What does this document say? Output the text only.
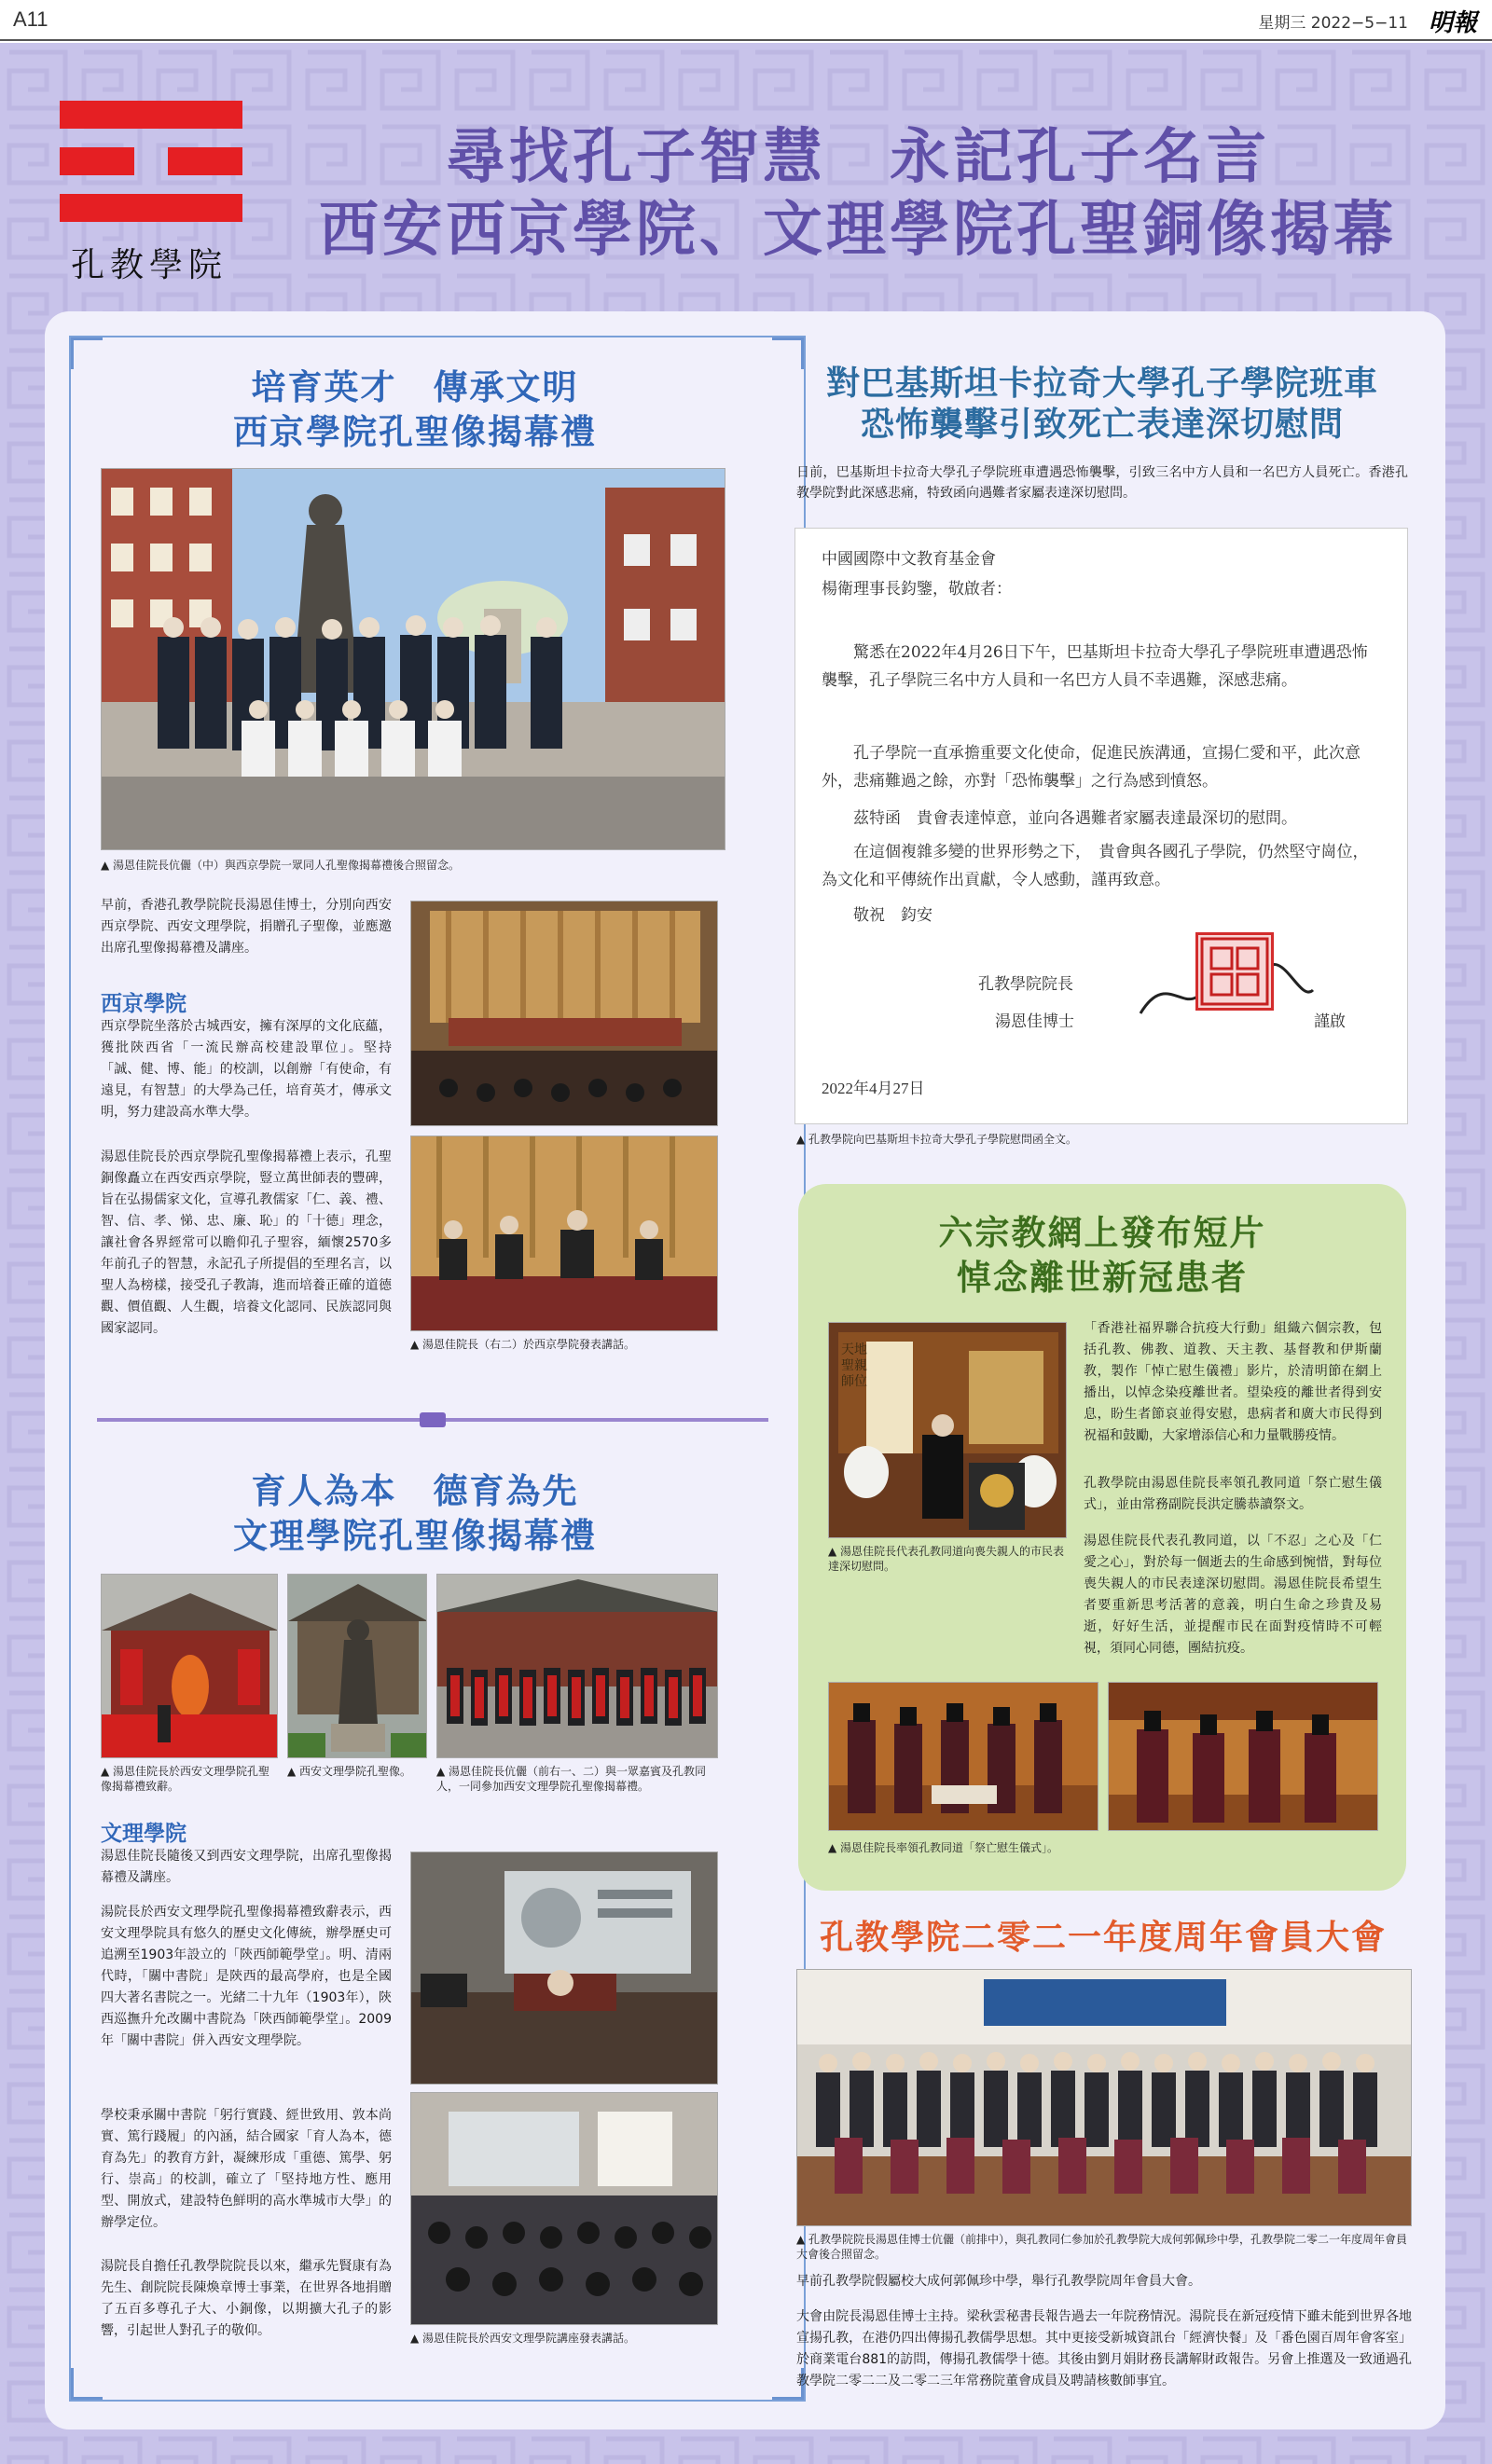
A11	星期三 2022−5−11 明報
孔教學院
尋找孔子智慧　永記孔子名言
西安西京學院、文理學院孔聖銅像揭幕
培育英才　傳承文明
西京學院孔聖像揭幕禮
▲ 湯恩佳院長伉儷（中）與西京學院一眾同人孔聖像揭幕禮後合照留念。
早前，香港孔教學院院長湯恩佳博士，分別向西安西京學院、西安文理學院，捐贈孔子聖像，並應邀出席孔聖像揭幕禮及講座。
西京學院
西京學院坐落於古城西安，擁有深厚的文化底蘊，獲批陝西省「一流民辦高校建設單位」。堅持「誠、健、博、能」的校訓，以創辦「有使命，有遠見，有智慧」的大學為己任，培育英才，傳承文明，努力建設高水準大學。
湯恩佳院長於西京學院孔聖像揭幕禮上表示，孔聖銅像矗立在西安西京學院，豎立萬世師表的豐碑，旨在弘揚儒家文化，宣導孔教儒家「仁、義、禮、智、信、孝、悌、忠、廉、恥」的「十德」理念，讓社會各界經常可以瞻仰孔子聖容，緬懷2570多年前孔子的智慧，永記孔子所提倡的至理名言，以聖人為榜樣，接受孔子教誨，進而培養正確的道德觀、價值觀、人生觀，培養文化認同、民族認同與國家認同。
▲ 湯恩佳院長（右二）於西京學院發表講話。
育人為本　德育為先
文理學院孔聖像揭幕禮
▲ 湯恩佳院長於西安文理學院孔聖像揭幕禮致辭。
▲ 西安文理學院孔聖像。	▲ 湯恩佳院長伉儷（前右一、二）與一眾嘉賓及孔教同人，一同參加西安文理學院孔聖像揭幕禮。
文理學院
湯恩佳院長隨後又到西安文理學院，出席孔聖像揭幕禮及講座。
湯院長於西安文理學院孔聖像揭幕禮致辭表示，西安文理學院具有悠久的歷史文化傳統，辦學歷史可追溯至1903年設立的「陝西師範學堂」。明、清兩代時，「關中書院」是陝西的最高學府，也是全國四大著名書院之一。光緒二十九年（1903年），陝西巡撫升允改關中書院為「陝西師範學堂」。2009年「關中書院」併入西安文理學院。
學校秉承關中書院「躬行實踐、經世致用、敦本尚實、篤行踐履」的內涵，結合國家「育人為本，德育為先」的教育方針，凝練形成「重德、篤學、躬行、崇高」的校訓，確立了「堅持地方性、應用型、開放式，建設特色鮮明的高水準城市大學」的辦學定位。
湯院長自擔任孔教學院院長以來，繼承先賢康有為先生、創院院長陳煥章博士事業，在世界各地捐贈了五百多尊孔子大、小銅像，以期擴大孔子的影響，引起世人對孔子的敬仰。	▲ 湯恩佳院長於西安文理學院講座發表講話。
對巴基斯坦卡拉奇大學孔子學院班車
恐怖襲擊引致死亡表達深切慰問
日前，巴基斯坦卡拉奇大學孔子學院班車遭遇恐怖襲擊，引致三名中方人員和一名巴方人員死亡。香港孔教學院對此深感悲痛，特致函向遇難者家屬表達深切慰問。
中國國際中文教育基金會
楊衛理事長鈞鑒，敬啟者：
驚悉在2022年4月26日下午，巴基斯坦卡拉奇大學孔子學院班車遭遇恐怖襲擊，孔子學院三名中方人員和一名巴方人員不幸遇難，深感悲痛。
孔子學院一直承擔重要文化使命，促進民族溝通，宣揚仁愛和平，此次意外，悲痛難過之餘，亦對「恐怖襲擊」之行為感到憤怒。
茲特函　貴會表達悼意，並向各遇難者家屬表達最深切的慰問。
在這個複雜多變的世界形勢之下，　貴會與各國孔子學院，仍然堅守崗位，為文化和平傳統作出貢獻，令人感動，謹再致意。
敬祝　鈞安
孔教學院院長
湯恩佳博士	謹啟
2022年4月27日
▲ 孔教學院向巴基斯坦卡拉奇大學孔子學院慰問函全文。
六宗教網上發布短片
悼念離世新冠患者
天地聖親師位
▲ 湯恩佳院長代表孔教同道向喪失親人的市民表達深切慰問。
「香港社福界聯合抗疫大行動」組織六個宗教，包括孔教、佛教、道教、天主教、基督教和伊斯蘭教，製作「悼亡慰生儀禮」影片，於清明節在網上播出，以悼念染疫離世者。望染疫的離世者得到安息，盼生者節哀並得安慰，患病者和廣大市民得到祝福和鼓勵，大家增添信心和力量戰勝疫情。
孔教學院由湯恩佳院長率領孔教同道「祭亡慰生儀式」，並由常務副院長洪定騰恭讀祭文。
湯恩佳院長代表孔教同道，以「不忍」之心及「仁愛之心」，對於每一個逝去的生命感到惋惜，對每位喪失親人的市民表達深切慰問。湯恩佳院長希望生者要重新思考活著的意義，明白生命之珍貴及易逝，好好生活，並提醒市民在面對疫情時不可輕視，須同心同德，團結抗疫。
▲ 湯恩佳院長率領孔教同道「祭亡慰生儀式」。
孔教學院二零二一年度周年會員大會
▲ 孔教學院院長湯恩佳博士伉儷（前排中），與孔教同仁參加於孔教學院大成何郭佩珍中學，孔教學院二零二一年度周年會員大會後合照留念。
早前孔教學院假屬校大成何郭佩珍中學，舉行孔教學院周年會員大會。
大會由院長湯恩佳博士主持。梁秋雲秘書長報告過去一年院務情況。湯院長在新冠疫情下雖未能到世界各地宣揚孔教，在港仍四出傳揚孔教儒學思想。其中更接受新城資訊台「經濟快餐」及「番色園百周年會客室」於商業電台881的訪問，傳揚孔教儒學十德。其後由劉月娟財務長講解財政報告。另會上推選及一致通過孔教學院二零二二及二零二三年常務院董會成員及聘請核數師事宜。
